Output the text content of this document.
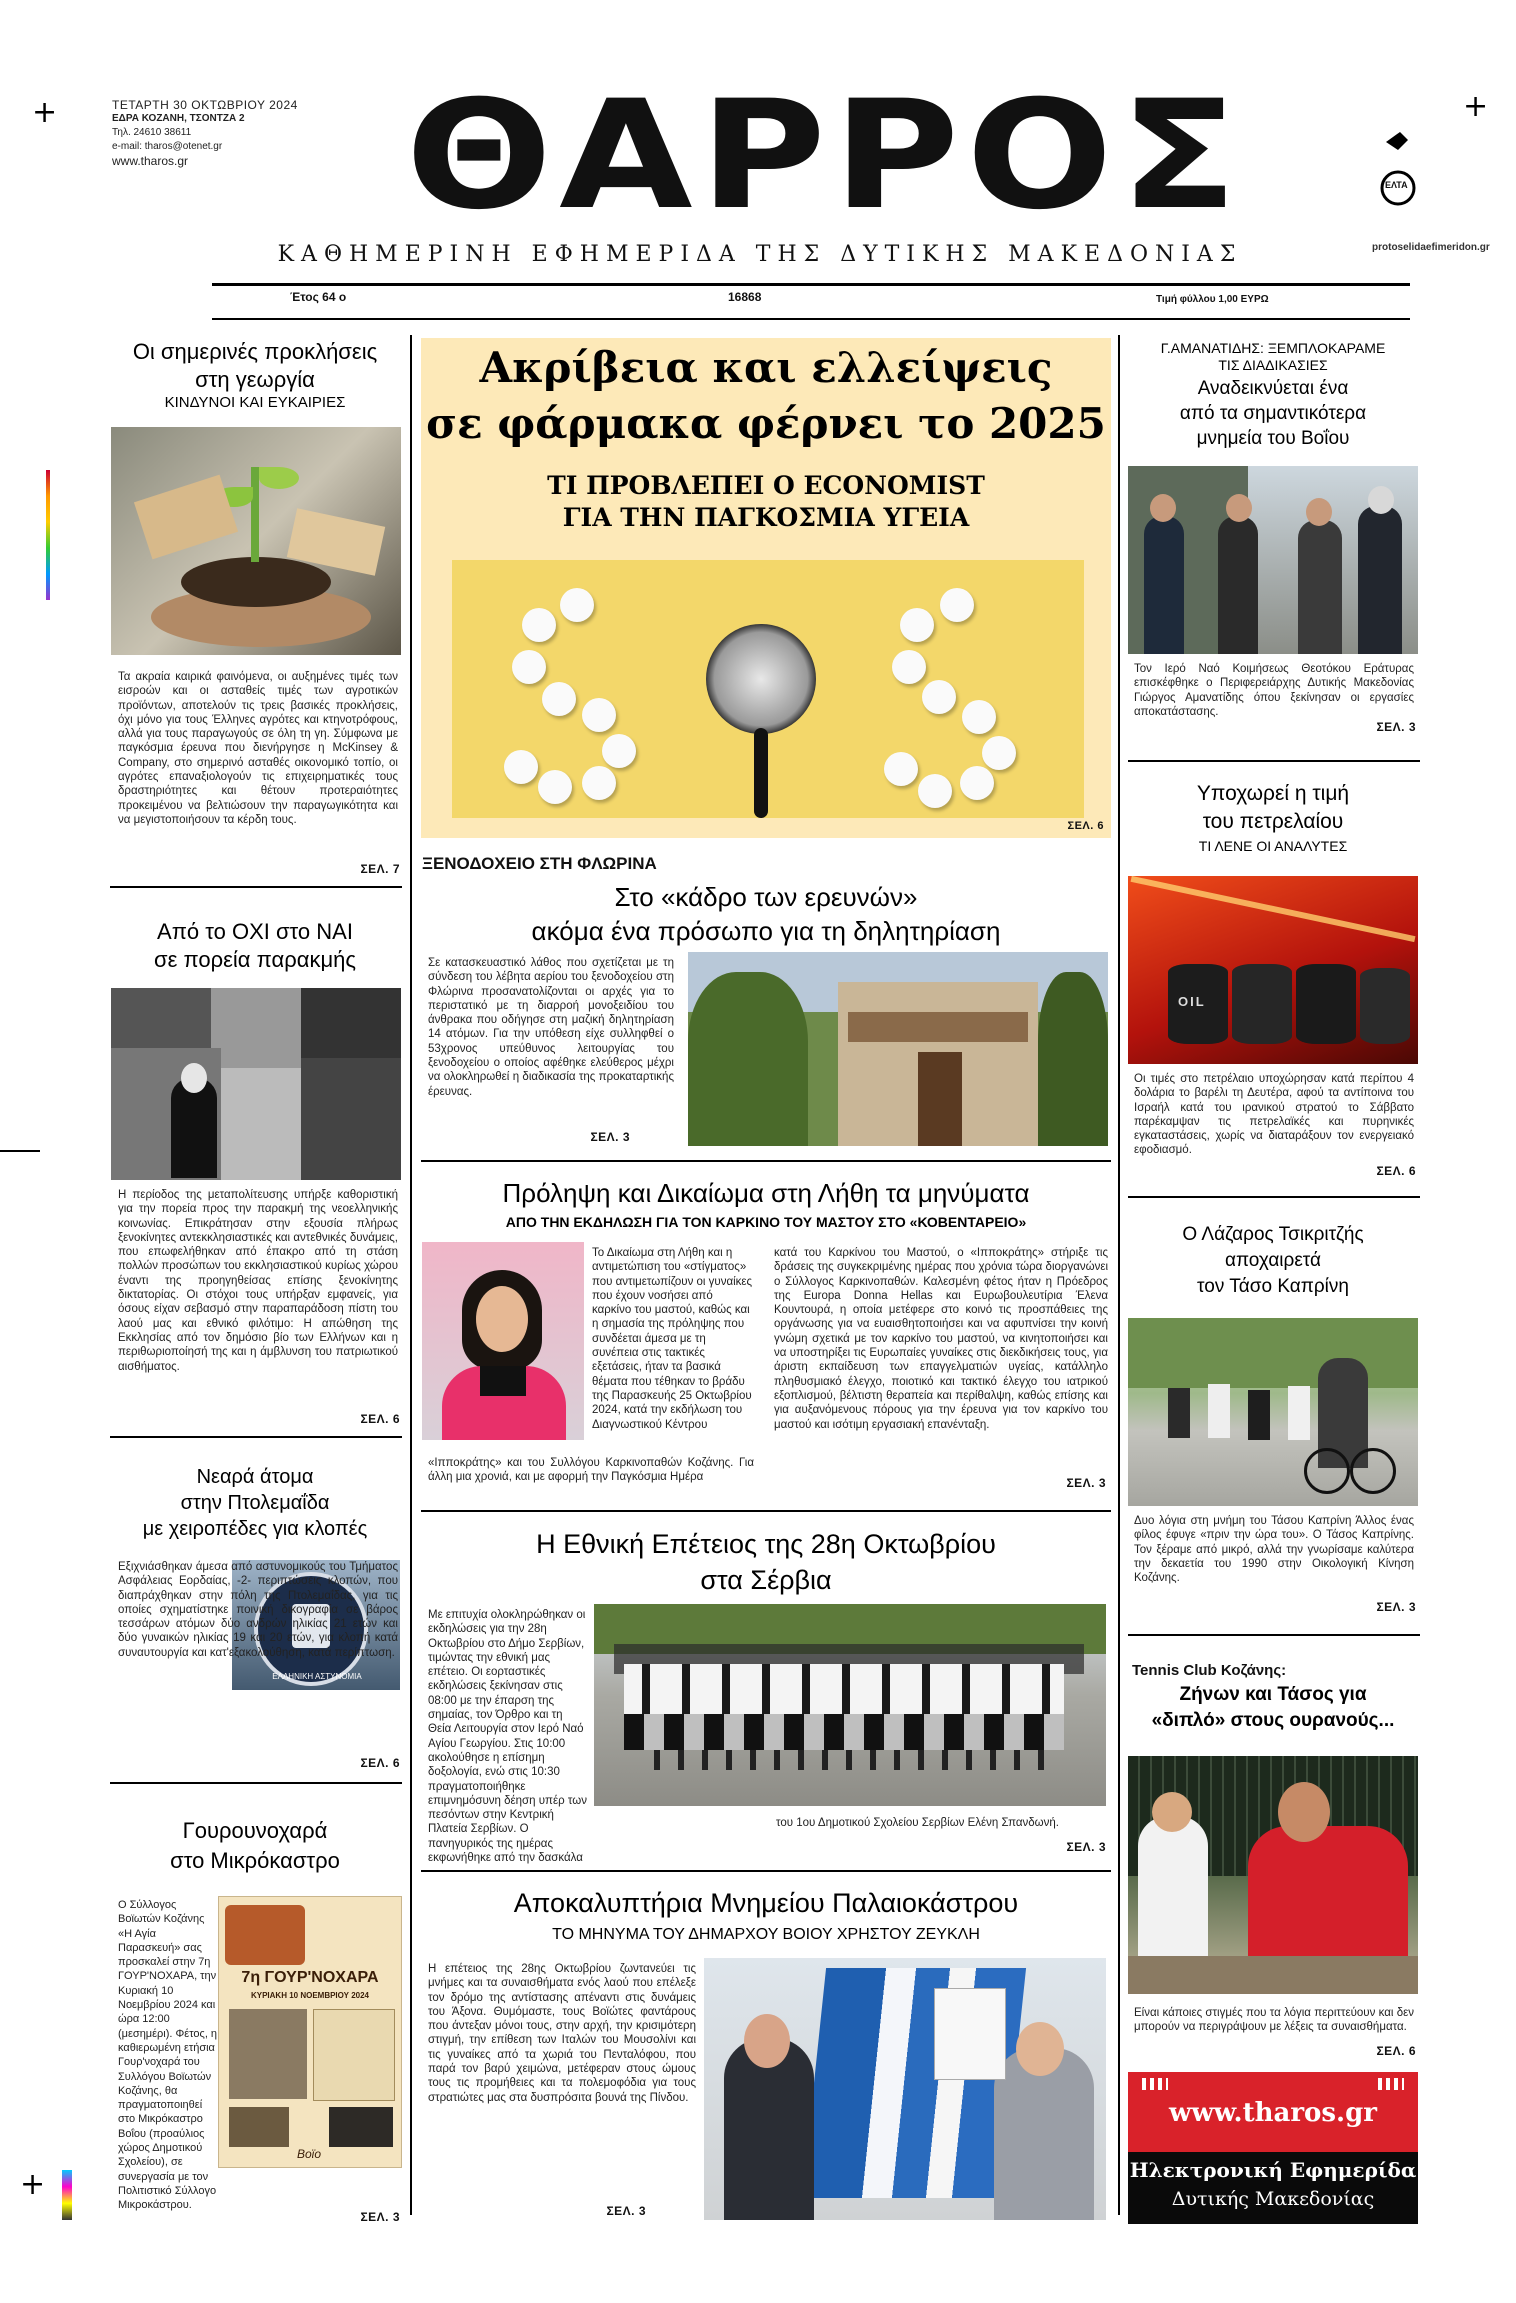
+	+
+
ΤΕΤΑΡΤΗ 30 ΟΚΤΩΒΡΙΟΥ 2024
ΕΔΡΑ ΚΟΖΑΝΗ, ΤΣΟΝΤΖΑ 2
Τηλ. 24610 38611
e-mail: tharos@otenet.gr
www.tharos.gr	ΘΑΡΡΟΣ
ΚΑΘΗΜΕΡΙΝΗ ΕΦΗΜΕΡΙΔΑ ΤΗΣ ΔΥΤΙΚΗΣ ΜΑΚΕΔΟΝΙΑΣ
ΕΛΤΑ
protoselidaefimeridon.gr
Έτος 64 ο	16868	Τιμή φύλλου 1,00 ΕΥΡΩ
Οι σημερινές προκλήσεις
στη γεωργία
ΚΙΝΔΥΝΟΙ ΚΑΙ ΕΥΚΑΙΡΙΕΣ
Τα ακραία καιρικά φαινόμενα, οι αυξημένες τιμές των εισροών και οι ασταθείς τιμές των αγροτικών προϊόντων, αποτελούν τις τρεις βασικές προκλήσεις, όχι μόνο για τους Έλληνες αγρότες και κτηνοτρόφους, αλλά για τους παραγωγούς σε όλη τη γη. Σύμφωνα με παγκόσμια έρευνα που διενήργησε η McKinsey & Company, στο σημερινό ασταθές οικονομικό τοπίο, οι αγρότες επαναξιολογούν τις επιχειρηματικές τους δραστηριότητες και θέτουν προτεραιότητες προκειμένου να βελτιώσουν την παραγωγικότητα και να μεγιστοποιήσουν τα κέρδη τους.
ΣΕΛ. 7
Από το ΟΧΙ στο ΝΑΙ
σε πορεία παρακμής
Η περίοδος της μεταπολίτευσης υπήρξε καθοριστική για την πορεία προς την παρακμή της νεοελληνικής κοινωνίας. Επικράτησαν στην εξουσία πλήρως ξενοκίνητες αντεκκλησιαστικές και αντεθνικές δυνάμεις, που επωφελήθηκαν από έπακρο από τη στάση πολλών προσώπων του εκκλησιαστικού κυρίως χώρου έναντι της προηγηθείσας επίσης ξενοκίνητης δικτατορίας. Οι στόχοι τους υπήρξαν εμφανείς, για όσους είχαν σεβασμό στην παραπαράδοση πίστη του λαού μας και εθνικό φιλότιμο: Η απώθηση της Εκκλησίας από τον δημόσιο βίο των Ελλήνων και η περιθωριοποίησή της και η άμβλυνση του πατριωτικού αισθήματος.
ΣΕΛ. 6
Νεαρά άτομα
στην Πτολεμαΐδα
με χειροπέδες για κλοπές
ΕΛΛΗΝΙΚΗ ΑΣΤΥΝΟΜΙΑ
Εξιχνιάσθηκαν άμεσα από αστυνομικούς του Τμήματος Ασφάλειας Εορδαίας, -2- περιπτώσεις κλοπών, που διαπράχθηκαν στην πόλη της Πτολεμαΐδας, για τις οποίες σχηματίστηκε ποινική δικογραφία σε βάρος τεσσάρων ατόμων δύο ανδρών ηλικίας 21 ετών και δύο γυναικών ηλικίας 19 και 20 ετών, για κλοπή κατά συναυτουργία και κατ'εξακολούθηση, κατά περίπτωση.
ΣΕΛ. 6
Γουρουνοχαρά
στο Μικρόκαστρο
Ο Σύλλογος Βοϊωτών Κοζάνης «Η Αγία Παρασκευή» σας προσκαλεί στην 7η ΓΟΥΡ'ΝΟΧΑΡΑ, την Κυριακή 10 Νοεμβρίου 2024 και ώρα 12:00 (μεσημέρι). Φέτος, η καθιερωμένη ετήσια Γουρ'νοχαρά του Συλλόγου Βοϊωτών Κοζάνης, θα πραγματοποιηθεί στο Μικρόκαστρο Βοΐου (προαύλιος χώρος Δημοτικού Σχολείου), σε συνεργασία με τον Πολιτιστικό Σύλλογο Μικροκάστρου.
7η ΓΟΥΡ'ΝΟΧΑΡΑ
ΚΥΡΙΑΚΗ 10 ΝΟΕΜΒΡΙΟΥ 2024
Βοϊο
ΣΕΛ. 3
Ακρίβεια και ελλείψεις
σε φάρμακα φέρνει το 2025
ΤΙ ΠΡΟΒΛΕΠΕΙ Ο ECONOMIST
ΓΙΑ ΤΗΝ ΠΑΓΚΟΣΜΙΑ ΥΓΕΙΑ
ΣΕΛ. 6
ΞΕΝΟΔΟΧΕΙΟ ΣΤΗ ΦΛΩΡΙΝΑ
Στο «κάδρο των ερευνών»
ακόμα ένα πρόσωπο για τη δηλητηρίαση
Σε κατασκευαστικό λάθος που σχετίζεται με τη σύνδεση του λέβητα αερίου του ξενοδοχείου στη Φλώρινα προσανατολίζονται οι αρχές για το περιστατικό με τη διαρροή μονοξειδίου του άνθρακα που οδήγησε στη μαζική δηλητηρίαση 14 ατόμων. Για την υπόθεση είχε συλληφθεί ο 53χρονος υπεύθυνος λειτουργίας του ξενοδοχείου ο οποίος αφέθηκε ελεύθερος μέχρι να ολοκληρωθεί η διαδικασία της προκαταρτικής έρευνας.
ΣΕΛ. 3
Πρόληψη και Δικαίωμα στη Λήθη τα μηνύματα
ΑΠΟ ΤΗΝ ΕΚΔΗΛΩΣΗ ΓΙΑ ΤΟΝ ΚΑΡΚΙΝΟ ΤΟΥ ΜΑΣΤΟΥ ΣΤΟ «ΚΟΒΕΝΤΑΡΕΙΟ»
Το Δικαίωμα στη Λήθη και η αντιμετώπιση του «στίγματος» που αντιμετωπίζουν οι γυναίκες που έχουν νοσήσει από καρκίνο του μαστού, καθώς και η σημασία της πρόληψης που συνδέεται άμεσα με τη συνέπεια στις τακτικές εξετάσεις, ήταν τα βασικά θέματα που τέθηκαν το βράδυ της Παρασκευής 25 Οκτωβρίου 2024, κατά την εκδήλωση του Διαγνωστικού Κέντρου
«Ιπποκράτης» και του Συλλόγου Καρκινοπαθών Κοζάνης. Για άλλη μια χρονιά, και με αφορμή την Παγκόσμια Ημέρα
κατά του Καρκίνου του Μαστού, ο «Ιπποκράτης» στήριξε τις δράσεις της συγκεκριμένης ημέρας που χρόνια τώρα διοργανώνει ο Σύλλογος Καρκινοπαθών. Καλεσμένη φέτος ήταν η Πρόεδρος της Europa Donna Hellas και Ευρωβουλευτίρια Έλενα Κουντουρά, η οποία μετέφερε στο κοινό τις προσπάθειες της οργάνωσης για να ευαισθητοποιήσει και να αφυπνίσει την κοινή γνώμη σχετικά με τον καρκίνο του μαστού, να κινητοποιήσει και να υποστηρίξει τις Ευρωπαίες γυναίκες στις διεκδικήσεις τους, για άριστη εκπαίδευση των επαγγελματιών υγείας, κατάλληλο πληθυσμιακό έλεγχο, ποιοτικό και τακτικό έλεγχο του ιατρικού εξοπλισμού, βέλτιστη θεραπεία και περίθαλψη, καθώς επίσης και για αυξανόμενους πόρους για την έρευνα για τον καρκίνο του μαστού και ισότιμη εργασιακή επανένταξη.
ΣΕΛ. 3
Η Εθνική Επέτειος της 28η Οκτωβρίου
στα Σέρβια
Με επιτυχία ολοκληρώθηκαν οι εκδηλώσεις για την 28η Οκτωβρίου στο Δήμο Σερβίων, τιμώντας την εθνική μας επέτειο. Οι εορταστικές εκδηλώσεις ξεκίνησαν στις 08:00 με την έπαρση της σημαίας, τον Όρθρο και τη Θεία Λειτουργία στον Ιερό Ναό Αγίου Γεωργίου. Στις 10:00 ακολούθησε η επίσημη δοξολογία, ενώ στις 10:30 πραγματοποιήθηκε επιμνημόσυνη δέηση υπέρ των πεσόντων στην Κεντρική Πλατεία Σερβίων. Ο πανηγυρικός της ημέρας εκφωνήθηκε από την δασκάλα
του 1ου Δημοτικού Σχολείου Σερβίων Ελένη Σπανδωνή.
ΣΕΛ. 3
Αποκαλυπτήρια Μνημείου Παλαιοκάστρου
ΤΟ ΜΗΝΥΜΑ ΤΟΥ ΔΗΜΑΡΧΟΥ ΒΟΙΟΥ ΧΡΗΣΤΟΥ ΖΕΥΚΛΗ
Η επέτειος της 28ης Οκτωβρίου ζωντανεύει τις μνήμες και τα συναισθήματα ενός λαού που επέλεξε τον δρόμο της αντίστασης απέναντι στις δυνάμεις του Άξονα. Θυμόμαστε, τους Βοϊώτες φαντάρους που άντεξαν μόνοι τους, στην αρχή, την κρισιμότερη στιγμή, την επίθεση των Ιταλών του Μουσολίνι και τις γυναίκες από τα χωριά του Πενταλόφου, που παρά τον βαρύ χειμώνα, μετέφεραν στους ώμους τους τις προμήθειες και τα πολεμοφόδια για τους στρατιώτες μας στα δυσπρόσιτα βουνά της Πίνδου.
ΣΕΛ. 3
Γ.ΑΜΑΝΑΤΙΔΗΣ: ΞΕΜΠΛΟΚΑΡΑΜΕ
ΤΙΣ ΔΙΑΔΙΚΑΣΙΕΣ
Αναδεικνύεται ένα
από τα σημαντικότερα
μνημεία του Βοΐου
Τον Ιερό Ναό Κοιμήσεως Θεοτόκου Εράτυρας επισκέφθηκε ο Περιφερειάρχης Δυτικής Μακεδονίας Γιώργος Αμανατίδης όπου ξεκίνησαν οι εργασίες αποκατάστασης.
ΣΕΛ. 3
Υποχωρεί η τιμή
του πετρελαίου
ΤΙ ΛΕΝΕ ΟΙ ΑΝΑΛΥΤΕΣ
OIL
Οι τιμές στο πετρέλαιο υποχώρησαν κατά περίπου 4 δολάρια το βαρέλι τη Δευτέρα, αφού τα αντίποινα του Ισραήλ κατά του ιρανικού στρατού το Σάββατο παρέκαμψαν τις πετρελαϊκές και πυρηνικές εγκαταστάσεις, χωρίς να διαταράξουν τον ενεργειακό εφοδιασμό.
ΣΕΛ. 6
Ο Λάζαρος Τσικριτζής
αποχαιρετά
τον Τάσο Καπρίνη
Δυο λόγια στη μνήμη του Τάσου Καπρίνη Άλλος ένας φίλος έφυγε «πριν την ώρα του». Ο Τάσος Καπρίνης. Τον ξέραμε από μικρό, αλλά την γνωρίσαμε καλύτερα την δεκαετία του 1990 στην Οικολογική Κίνηση Κοζάνης.
ΣΕΛ. 3
Tennis Club Κοζάνης:
Ζήνων και Τάσος για
«διπλό» στους ουρανούς...
Είναι κάποιες στιγμές που τα λόγια περιττεύουν και δεν μπορούν να περιγράψουν με λέξεις τα συναισθήματα.
ΣΕΛ. 6
www.tharos.gr
Ηλεκτρονική Εφημερίδα
Δυτικής Μακεδονίας
